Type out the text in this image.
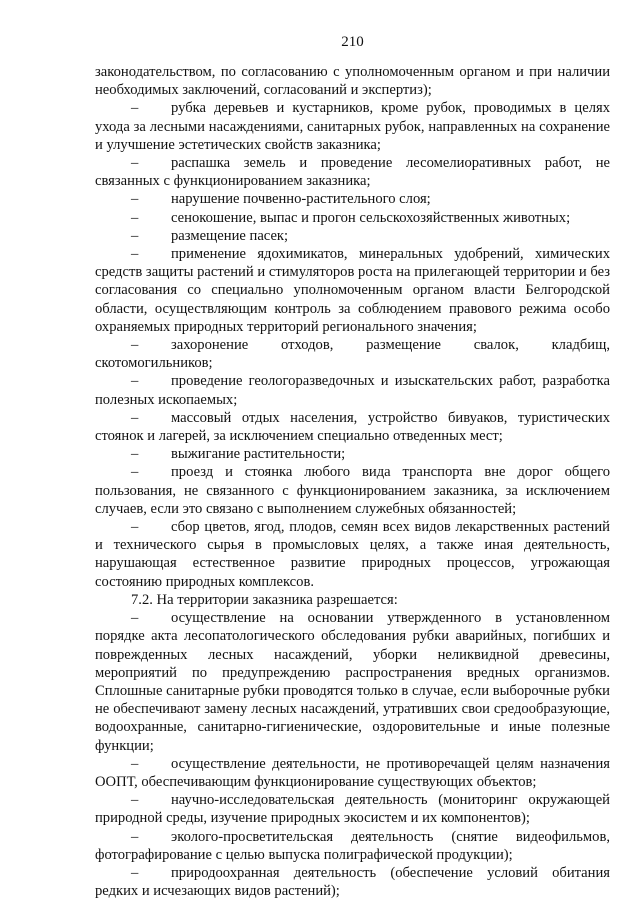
210

законодательством, по согласованию с уполномоченным органом и при наличии необходимых заключений, согласований и экспертиз);

– рубка деревьев и кустарников, кроме рубок, проводимых в целях ухода за лесными насаждениями, санитарных рубок, направленных на сохранение и улучшение эстетических свойств заказника;

– распашка земель и проведение лесомелиоративных работ, не связанных с функционированием заказника;

– нарушение почвенно-растительного слоя;

– сенокошение, выпас и прогон сельскохозяйственных животных;

– размещение пасек;

– применение ядохимикатов, минеральных удобрений, химических средств защиты растений и стимуляторов роста на прилегающей территории и без согласования со специально уполномоченным органом власти Белгородской области, осуществляющим контроль за соблюдением правового режима особо охраняемых природных территорий регионального значения;

– захоронение отходов, размещение свалок, кладбищ, скотомогильников;

– проведение геологоразведочных и изыскательских работ, разработка полезных ископаемых;

– массовый отдых населения, устройство бивуаков, туристических стоянок и лагерей, за исключением специально отведенных мест;

– выжигание растительности;

– проезд и стоянка любого вида транспорта вне дорог общего пользования, не связанного с функционированием заказника, за исключением случаев, если это связано с выполнением служебных обязанностей;

– сбор цветов, ягод, плодов, семян всех видов лекарственных растений и технического сырья в промысловых целях, а также иная деятельность, нарушающая естественное развитие природных процессов, угрожающая состоянию природных комплексов.

7.2. На территории заказника разрешается:

– осуществление на основании утвержденного в установленном порядке акта лесопатологического обследования рубки аварийных, погибших и поврежденных лесных насаждений, уборки неликвидной древесины, мероприятий по предупреждению распространения вредных организмов. Сплошные санитарные рубки проводятся только в случае, если выборочные рубки не обеспечивают замену лесных насаждений, утративших свои средообразующие, водоохранные, санитарно-гигиенические, оздоровительные и иные полезные функции;

– осуществление деятельности, не противоречащей целям назначения ООПТ, обеспечивающим функционирование существующих объектов;

– научно-исследовательская деятельность (мониторинг окружающей природной среды, изучение природных экосистем и их компонентов);

– эколого-просветительская деятельность (снятие видеофильмов, фотографирование с целью выпуска полиграфической продукции);

– природоохранная деятельность (обеспечение условий обитания редких и исчезающих видов растений);
